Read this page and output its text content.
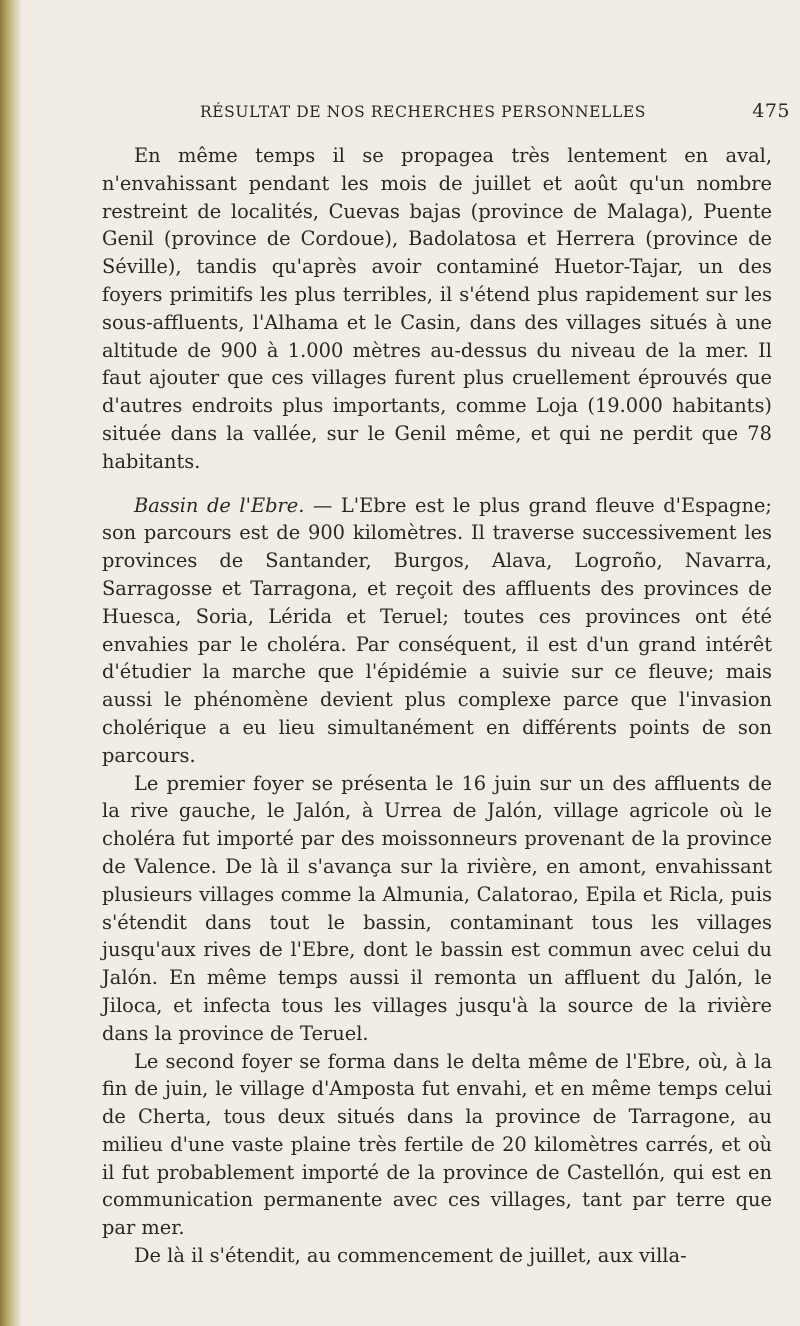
RÉSULTAT DE NOS RECHERCHES PERSONNELLES	475

En même temps il se propagea très lentement en aval, n'envahissant pendant les mois de juillet et août qu'un nombre restreint de localités, Cuevas bajas (province de Malaga), Puente Genil (province de Cordoue), Badolatosa et Herrera (province de Séville), tandis qu'après avoir contaminé Huetor-Tajar, un des foyers primitifs les plus terribles, il s'étend plus rapidement sur les sous-affluents, l'Alhama et le Casin, dans des villages situés à une altitude de 900 à 1.000 mètres au-dessus du niveau de la mer. Il faut ajouter que ces villages furent plus cruellement éprouvés que d'autres endroits plus importants, comme Loja (19.000 habitants) située dans la vallée, sur le Genil même, et qui ne perdit que 78 habitants.

Bassin de l'Ebre. — L'Ebre est le plus grand fleuve d'Espagne; son parcours est de 900 kilomètres. Il traverse successivement les provinces de Santander, Burgos, Alava, Logroño, Navarra, Sarragosse et Tarragona, et reçoit des affluents des provinces de Huesca, Soria, Lérida et Teruel; toutes ces provinces ont été envahies par le choléra. Par conséquent, il est d'un grand intérêt d'étudier la marche que l'épidémie a suivie sur ce fleuve; mais aussi le phénomène devient plus complexe parce que l'invasion cholérique a eu lieu simultanément en différents points de son parcours.

Le premier foyer se présenta le 16 juin sur un des affluents de la rive gauche, le Jalón, à Urrea de Jalón, village agricole où le choléra fut importé par des moissonneurs provenant de la province de Valence. De là il s'avança sur la rivière, en amont, envahissant plusieurs villages comme la Almunia, Calatorao, Epila et Ricla, puis s'étendit dans tout le bassin, contaminant tous les villages jusqu'aux rives de l'Ebre, dont le bassin est commun avec celui du Jalón. En même temps aussi il remonta un affluent du Jalón, le Jiloca, et infecta tous les villages jusqu'à la source de la rivière dans la province de Teruel.

Le second foyer se forma dans le delta même de l'Ebre, où, à la fin de juin, le village d'Amposta fut envahi, et en même temps celui de Cherta, tous deux situés dans la province de Tarragone, au milieu d'une vaste plaine très fertile de 20 kilomètres carrés, et où il fut probablement importé de la province de Castellón, qui est en communication permanente avec ces villages, tant par terre que par mer.

De là il s'étendit, au commencement de juillet, aux villa-
